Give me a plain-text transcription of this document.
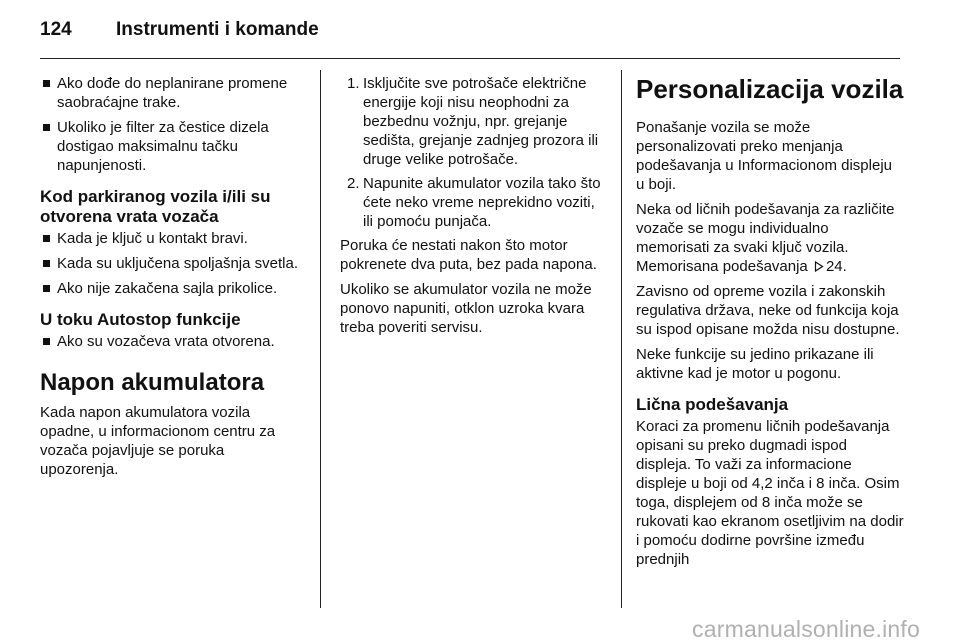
124 Instrumenti i komande
Ako dođe do neplanirane promene saobraćajne trake.
Ukoliko je filter za čestice dizela dostigao maksimalnu tačku napunjenosti.
Kod parkiranog vozila i/ili su otvorena vrata vozača
Kada je ključ u kontakt bravi.
Kada su uključena spoljašnja svetla.
Ako nije zakačena sajla prikolice.
U toku Autostop funkcije
Ako su vozačeva vrata otvorena.
Napon akumulatora

Kada napon akumulatora vozila opadne, u informacionom centru za vozača pojavljuje se poruka upozorenja.

1. Isključite sve potrošače električne energije koji nisu neophodni za bezbednu vožnju, npr. grejanje sedišta, grejanje zadnjeg prozora ili druge velike potrošače.
2. Napunite akumulator vozila tako što ćete neko vreme neprekidno voziti, ili pomoću punjača.

Poruka će nestati nakon što motor pokrenete dva puta, bez pada napona.

Ukoliko se akumulator vozila ne može ponovo napuniti, otklon uzroka kvara treba poveriti servisu.

Personalizacija vozila

Ponašanje vozila se može personalizovati preko menjanja podešavanja u Informacionom displeju u boji.

Neka od ličnih podešavanja za različite vozače se mogu individualno memorisati za svaki ključ vozila. Memorisana podešavanja 24.

Zavisno od opreme vozila i zakonskih regulativa država, neke od funkcija koja su ispod opisane možda nisu dostupne.

Neke funkcije su jedino prikazane ili aktivne kad je motor u pogonu.

Lična podešavanja

Koraci za promenu ličnih podešavanja opisani su preko dugmadi ispod displeja. To važi za informacione displeje u boji od 4,2 inča i 8 inča. Osim toga, displejem od 8 inča može se rukovati kao ekranom osetljivim na dodir i pomoću dodirne površine između prednjih

carmanualsonline.info
